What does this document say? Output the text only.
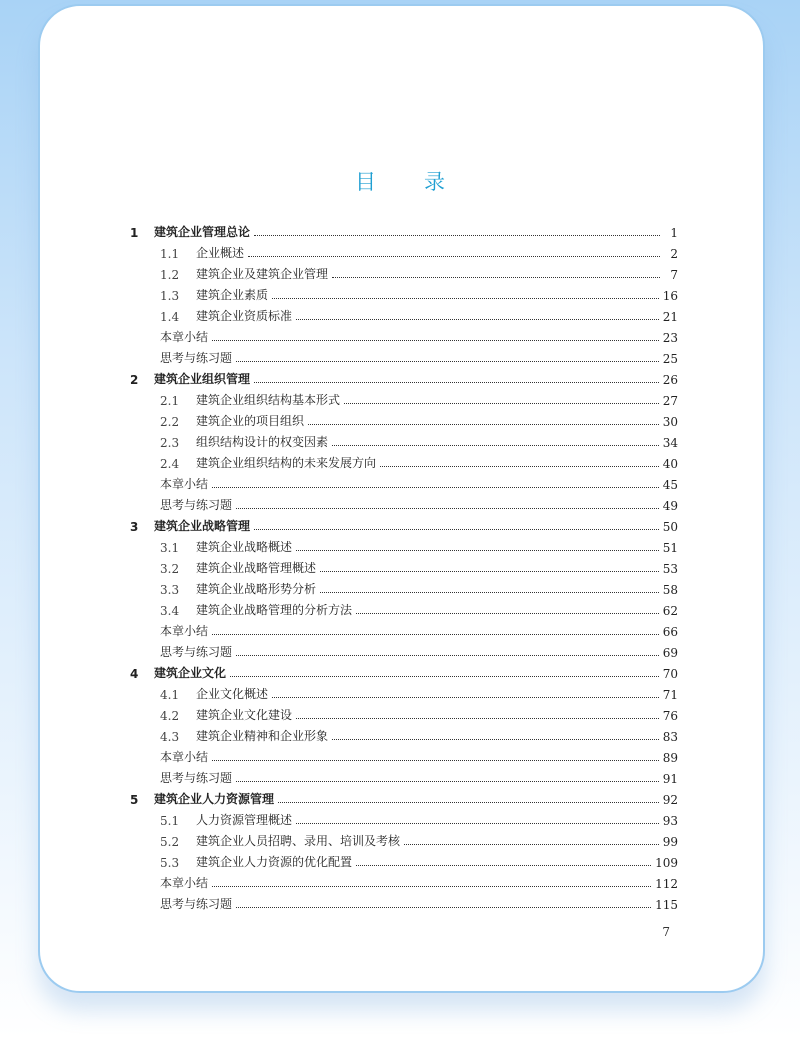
目 录
1	建筑企业管理总论	1
1.1	企业概述	2
1.2	建筑企业及建筑企业管理	7
1.3	建筑企业素质	16
1.4	建筑企业资质标准	21
本章小结	23
思考与练习题	25
2	建筑企业组织管理	26
2.1	建筑企业组织结构基本形式	27
2.2	建筑企业的项目组织	30
2.3	组织结构设计的权变因素	34
2.4	建筑企业组织结构的未来发展方向	40
本章小结	45
思考与练习题	49
3	建筑企业战略管理	50
3.1	建筑企业战略概述	51
3.2	建筑企业战略管理概述	53
3.3	建筑企业战略形势分析	58
3.4	建筑企业战略管理的分析方法	62
本章小结	66
思考与练习题	69
4	建筑企业文化	70
4.1	企业文化概述	71
4.2	建筑企业文化建设	76
4.3	建筑企业精神和企业形象	83
本章小结	89
思考与练习题	91
5	建筑企业人力资源管理	92
5.1	人力资源管理概述	93
5.2	建筑企业人员招聘、录用、培训及考核	99
5.3	建筑企业人力资源的优化配置	109
本章小结	112
思考与练习题	115
7
